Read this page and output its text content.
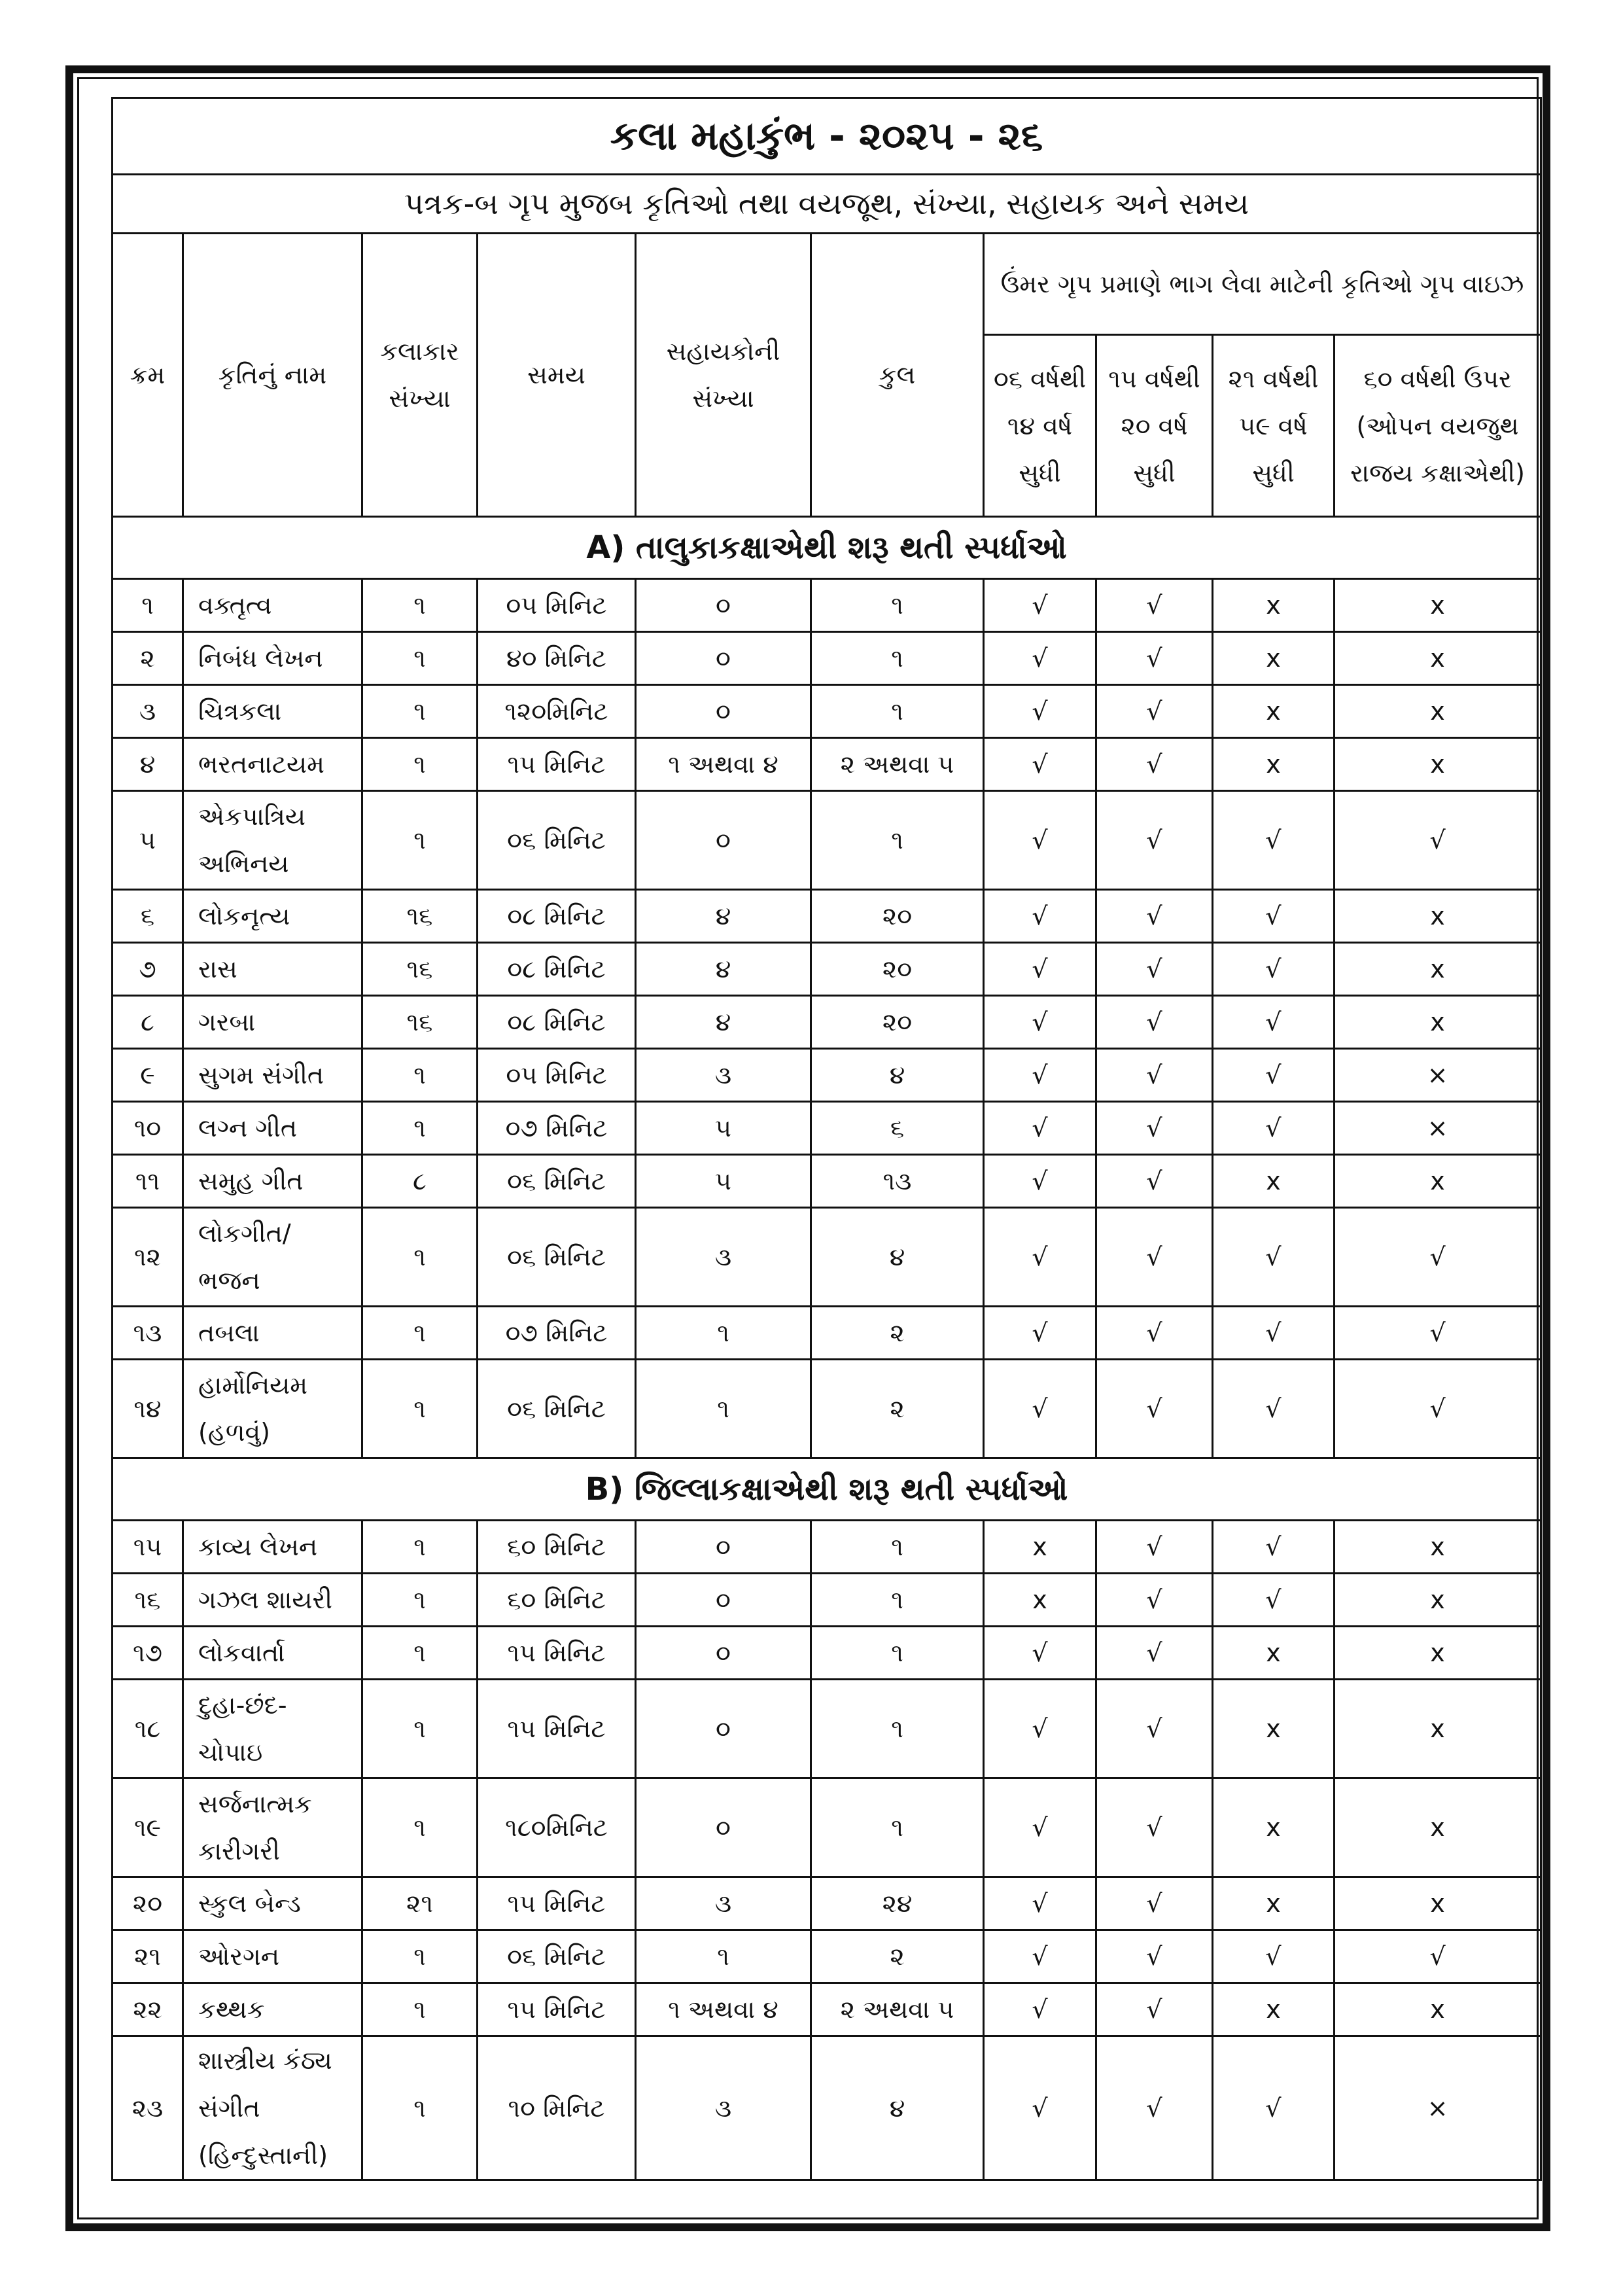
કલા મહાકુંભ - ૨૦૨૫ - ૨૬									
પત્રક-બ ગૃપ મુજબ કૃતિઓ તથા વયજૂથ, સંખ્યા, સહાયક અને સમય									
ક્રમ	કૃતિનું નામ	કલાકાર સંખ્યા	સમય	સહાયકોની સંખ્યા	કુલ	ઉંમર ગૃપ પ્રમાણે ભાગ લેવા માટેની કૃતિઓ ગૃપ વાઇઝ			
						૦૬ વર્ષથી ૧૪ વર્ષ સુધી	૧૫ વર્ષથી ૨૦ વર્ષ સુધી	૨૧ વર્ષથી ૫૯ વર્ષ સુધી	૬૦ વર્ષથી ઉપર (ઓપન વયજુથ રાજય કક્ષાએથી)
A) તાલુકાકક્ષાએથી શરૂ થતી સ્પર્ધાઓ									
૧	વક્તૃત્વ	૧	૦૫ મિનિટ	૦	૧	√	√	x	x
૨	નિબંધ લેખન	૧	૪૦ મિનિટ	૦	૧	√	√	x	x
૩	ચિત્રકલા	૧	૧૨૦મિનિટ	૦	૧	√	√	x	x
૪	ભરતનાટયમ	૧	૧૫ મિનિટ	૧ અથવા ૪	૨ અથવા ૫	√	√	x	x
૫	એકપાત્રિય અભિનય	૧	૦૬ મિનિટ	૦	૧	√	√	√	√
૬	લોકનૃત્ય	૧૬	૦૮ મિનિટ	૪	૨૦	√	√	√	x
૭	રાસ	૧૬	૦૮ મિનિટ	૪	૨૦	√	√	√	x
૮	ગરબા	૧૬	૦૮ મિનિટ	૪	૨૦	√	√	√	x
૯	સુગમ સંગીત	૧	૦૫ મિનિટ	૩	૪	√	√	√	×
૧૦	લગ્ન ગીત	૧	૦૭ મિનિટ	૫	૬	√	√	√	×
૧૧	સમુહ ગીત	૮	૦૬ મિનિટ	૫	૧૩	√	√	x	x
૧૨	લોકગીત/ ભજન	૧	૦૬ મિનિટ	૩	૪	√	√	√	√
૧૩	તબલા	૧	૦૭ મિનિટ	૧	૨	√	√	√	√
૧૪	હાર્મોનિયમ (હળવું)	૧	૦૬ મિનિટ	૧	૨	√	√	√	√
B) જિલ્લાકક્ષાએથી શરૂ થતી સ્પર્ધાઓ									
૧૫	કાવ્ય લેખન	૧	૬૦ મિનિટ	૦	૧	x	√	√	x
૧૬	ગઝલ શાયરી	૧	૬૦ મિનિટ	૦	૧	x	√	√	x
૧૭	લોકવાર્તા	૧	૧૫ મિનિટ	૦	૧	√	√	x	x
૧૮	દુહા-છંદ- ચોપાઇ	૧	૧૫ મિનિટ	૦	૧	√	√	x	x
૧૯	સર્જનાત્મક કારીગરી	૧	૧૮૦મિનિટ	૦	૧	√	√	x	x
૨૦	સ્કુલ બેન્ડ	૨૧	૧૫ મિનિટ	૩	૨૪	√	√	x	x
૨૧	ઓરગન	૧	૦૬ મિનિટ	૧	૨	√	√	√	√
૨૨	કથ્થક	૧	૧૫ મિનિટ	૧ અથવા ૪	૨ અથવા ૫	√	√	x	x
૨૩	શાસ્ત્રીય કંઠ્ય સંગીત (હિન્દુસ્તાની)	૧	૧૦ મિનિટ	૩	૪	√	√	√	×
